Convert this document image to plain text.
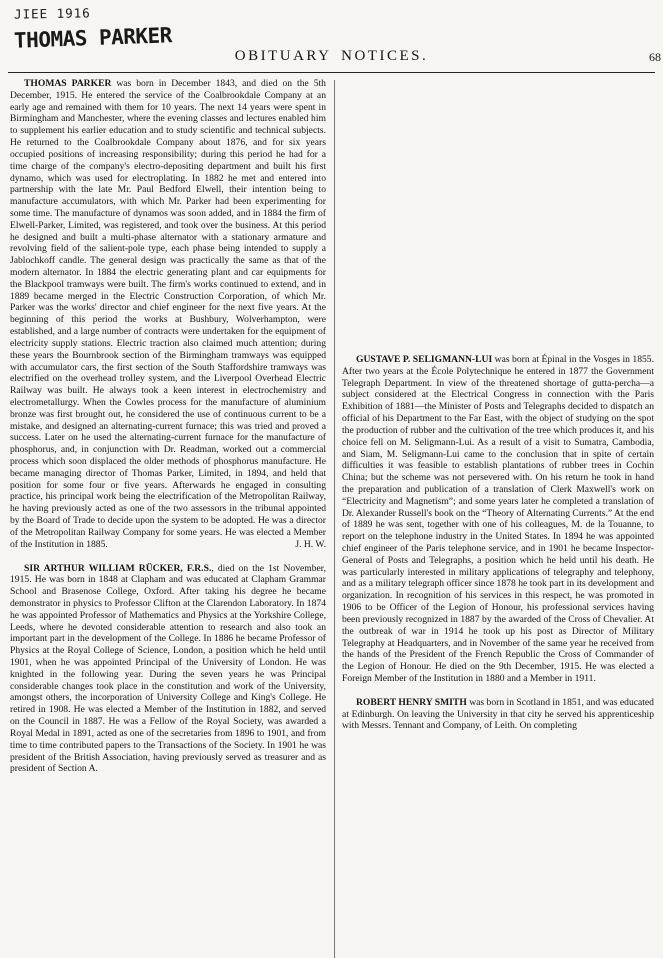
JIEE 1916
THOMAS PARKER
OBITUARY NOTICES.	68

THOMAS PARKER was born in December 1843, and died on the 5th December, 1915. He entered the service of the Coalbrookdale Company at an early age and remained with them for 10 years. The next 14 years were spent in Birmingham and Manchester, where the evening classes and lectures enabled him to supplement his earlier education and to study scientific and technical subjects. He returned to the Coalbrookdale Company about 1876, and for six years occupied positions of increasing responsibility; during this period he had for a time charge of the company's electro-depositing department and built his first dynamo, which was used for electroplating. In 1882 he met and entered into partnership with the late Mr. Paul Bedford Elwell, their intention being to manufacture accumulators, with which Mr. Parker had been experimenting for some time. The manufacture of dynamos was soon added, and in 1884 the firm of Elwell-Parker, Limited, was registered, and took over the business. At this period he designed and built a multi-phase alternator with a stationary armature and revolving field of the salient-pole type, each phase being intended to supply a Jablochkoff candle. The general design was practically the same as that of the modern alternator. In 1884 the electric generating plant and car equipments for the Blackpool tramways were built. The firm's works continued to extend, and in 1889 became merged in the Electric Construction Corporation, of which Mr. Parker was the works' director and chief engineer for the next five years. At the beginning of this period the works at Bushbury, Wolverhampton, were established, and a large number of contracts were undertaken for the equipment of electricity supply stations. Electric traction also claimed much attention; during these years the Bournbrook section of the Birmingham tramways was equipped with accumulator cars, the first section of the South Staffordshire tramways was electrified on the overhead trolley system, and the Liverpool Overhead Electric Railway was built. He always took a keen interest in electrochemistry and electrometallurgy. When the Cowles process for the manufacture of aluminium bronze was first brought out, he considered the use of continuous current to be a mistake, and designed an alternating-current furnace; this was tried and proved a success. Later on he used the alternating-current furnace for the manufacture of phosphorus, and, in conjunction with Dr. Readman, worked out a commercial process which soon displaced the older methods of phosphorus manufacture. He became managing director of Thomas Parker, Limited, in 1894, and held that position for some four or five years. Afterwards he engaged in consulting practice, his principal work being the electrification of the Metropolitan Railway, he having previously acted as one of the two assessors in the tribunal appointed by the Board of Trade to decide upon the system to be adopted. He was a director of the Metropolitan Railway Company for some years. He was elected a Member of the Institution in 1885.	J. H. W.

SIR ARTHUR WILLIAM RÜCKER, F.R.S., died on the 1st November, 1915. He was born in 1848 at Clapham and was educated at Clapham Grammar School and Brasenose College, Oxford. After taking his degree he became demonstrator in physics to Professor Clifton at the Clarendon Laboratory. In 1874 he was appointed Professor of Mathematics and Physics at the Yorkshire College, Leeds, where he devoted considerable attention to research and also took an important part in the development of the College. In 1886 he became Professor of Physics at the Royal College of Science, London, a position which he held until 1901, when he was appointed Principal of the University of London. He was knighted in the following year. During the seven years he was Principal considerable changes took place in the constitution and work of the University, amongst others, the incorporation of University College and King's College. He retired in 1908. He was elected a Member of the Institution in 1882, and served on the Council in 1887. He was a Fellow of the Royal Society, was awarded a Royal Medal in 1891, acted as one of the secretaries from 1896 to 1901, and from time to time contributed papers to the Transactions of the Society. In 1901 he was president of the British Association, having previously served as treasurer and as president of Section A.

GUSTAVE P. SELIGMANN-LUI was born at Épinal in the Vosges in 1855. After two years at the École Polytechnique he entered in 1877 the Government Telegraph Department. In view of the threatened shortage of gutta-percha—a subject considered at the Electrical Congress in connection with the Paris Exhibition of 1881—the Minister of Posts and Telegraphs decided to dispatch an official of his Department to the Far East, with the object of studying on the spot the production of rubber and the cultivation of the tree which produces it, and his choice fell on M. Seligmann-Lui. As a result of a visit to Sumatra, Cambodia, and Siam, M. Seligmann-Lui came to the conclusion that in spite of certain difficulties it was feasible to establish plantations of rubber trees in Cochin China; but the scheme was not persevered with. On his return he took in hand the preparation and publication of a translation of Clerk Maxwell's work on “Electricity and Magnetism”; and some years later he completed a translation of Dr. Alexander Russell's book on the “Theory of Alternating Currents.” At the end of 1889 he was sent, together with one of his colleagues, M. de la Touanne, to report on the telephone industry in the United States. In 1894 he was appointed chief engineer of the Paris telephone service, and in 1901 he became Inspector-General of Posts and Telegraphs, a position which he held until his death. He was particularly interested in military applications of telegraphy and telephony, and as a military telegraph officer since 1878 he took part in its development and organization. In recognition of his services in this respect, he was promoted in 1906 to be Officer of the Legion of Honour, his professional services having been previously recognized in 1887 by the awarded of the Cross of Chevalier. At the outbreak of war in 1914 he took up his post as Director of Military Telegraphy at Headquarters, and in November of the same year he received from the hands of the President of the French Republic the Cross of Commander of the Legion of Honour. He died on the 9th December, 1915. He was elected a Foreign Member of the Institution in 1880 and a Member in 1911.

ROBERT HENRY SMITH was born in Scotland in 1851, and was educated at Edinburgh. On leaving the University in that city he served his apprenticeship with Messrs. Tennant and Company, of Leith. On completing
